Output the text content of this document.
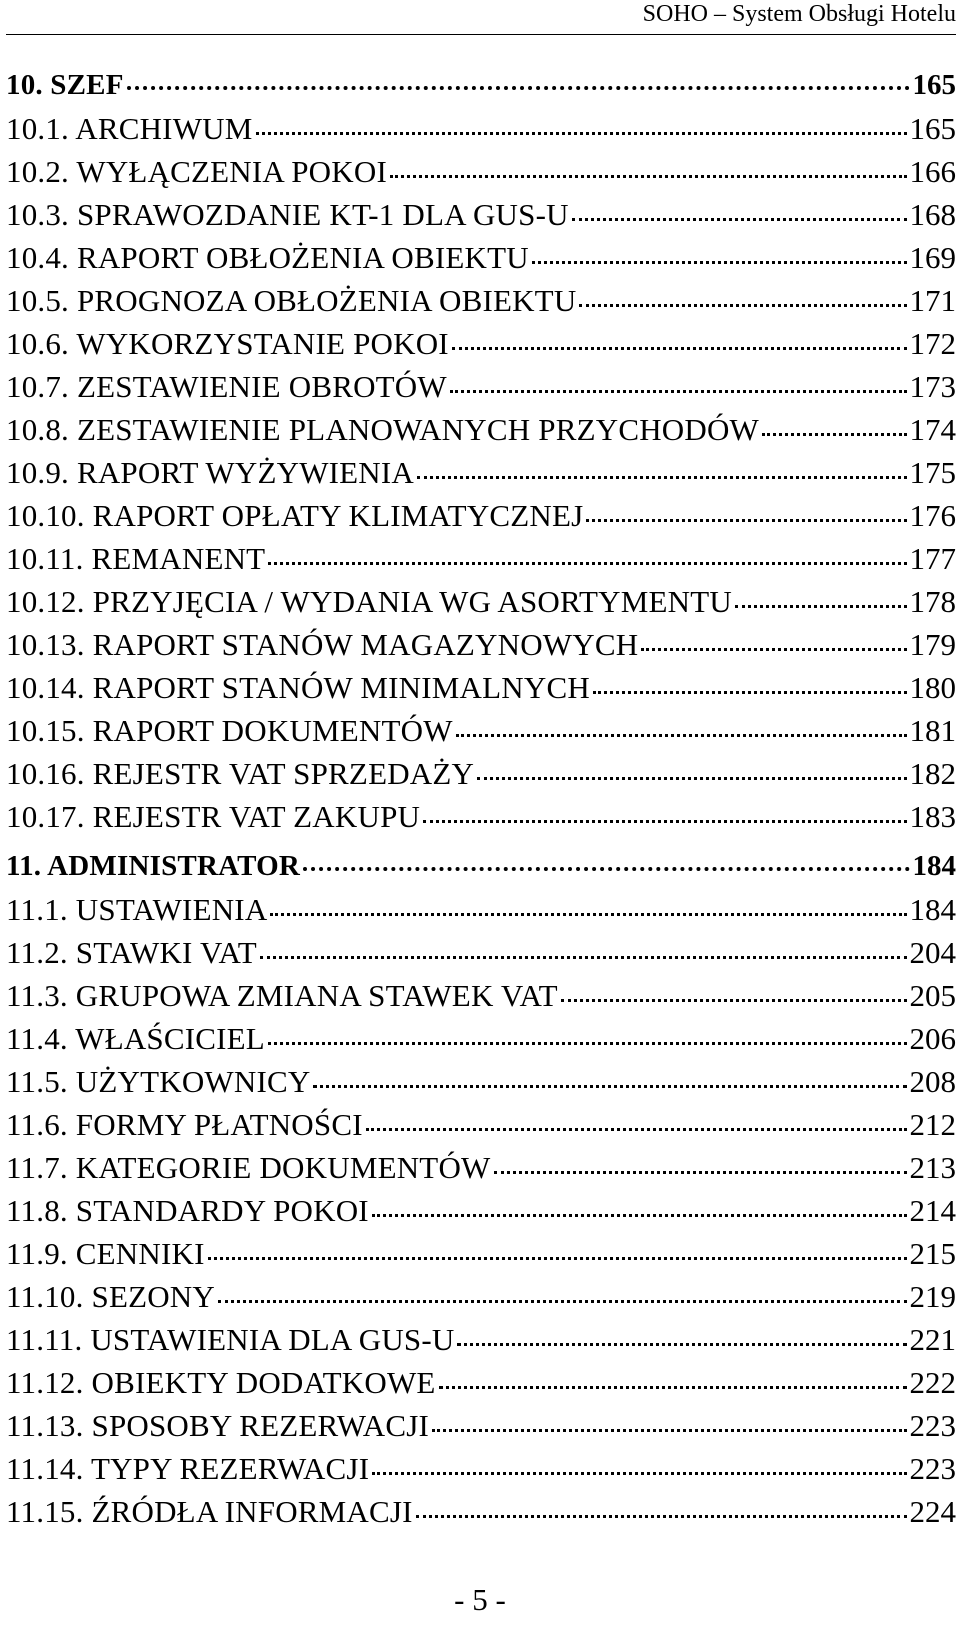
SOHO – System Obsługi Hotelu
10. SZEF	165
10.1. ARCHIWUM	165
10.2. WYŁĄCZENIA POKOI	166
10.3. SPRAWOZDANIE KT-1 DLA GUS-U	168
10.4. RAPORT OBŁOŻENIA OBIEKTU	169
10.5. PROGNOZA OBŁOŻENIA OBIEKTU	171
10.6. WYKORZYSTANIE POKOI	172
10.7. ZESTAWIENIE OBROTÓW	173
10.8. ZESTAWIENIE PLANOWANYCH PRZYCHODÓW	174
10.9. RAPORT WYŻYWIENIA	175
10.10. RAPORT OPŁATY KLIMATYCZNEJ	176
10.11. REMANENT	177
10.12. PRZYJĘCIA / WYDANIA WG ASORTYMENTU	178
10.13. RAPORT STANÓW MAGAZYNOWYCH	179
10.14. RAPORT STANÓW MINIMALNYCH	180
10.15. RAPORT DOKUMENTÓW	181
10.16. REJESTR VAT SPRZEDAŻY	182
10.17. REJESTR VAT ZAKUPU	183
11. ADMINISTRATOR	184
11.1. USTAWIENIA	184
11.2. STAWKI VAT	204
11.3. GRUPOWA ZMIANA STAWEK VAT	205
11.4. WŁAŚCICIEL	206
11.5. UŻYTKOWNICY	208
11.6. FORMY PŁATNOŚCI	212
11.7. KATEGORIE DOKUMENTÓW	213
11.8. STANDARDY POKOI	214
11.9. CENNIKI	215
11.10. SEZONY	219
11.11. USTAWIENIA DLA GUS-U	221
11.12. OBIEKTY DODATKOWE	222
11.13. SPOSOBY REZERWACJI	223
11.14. TYPY REZERWACJI	223
11.15. ŹRÓDŁA INFORMACJI	224
- 5 -
